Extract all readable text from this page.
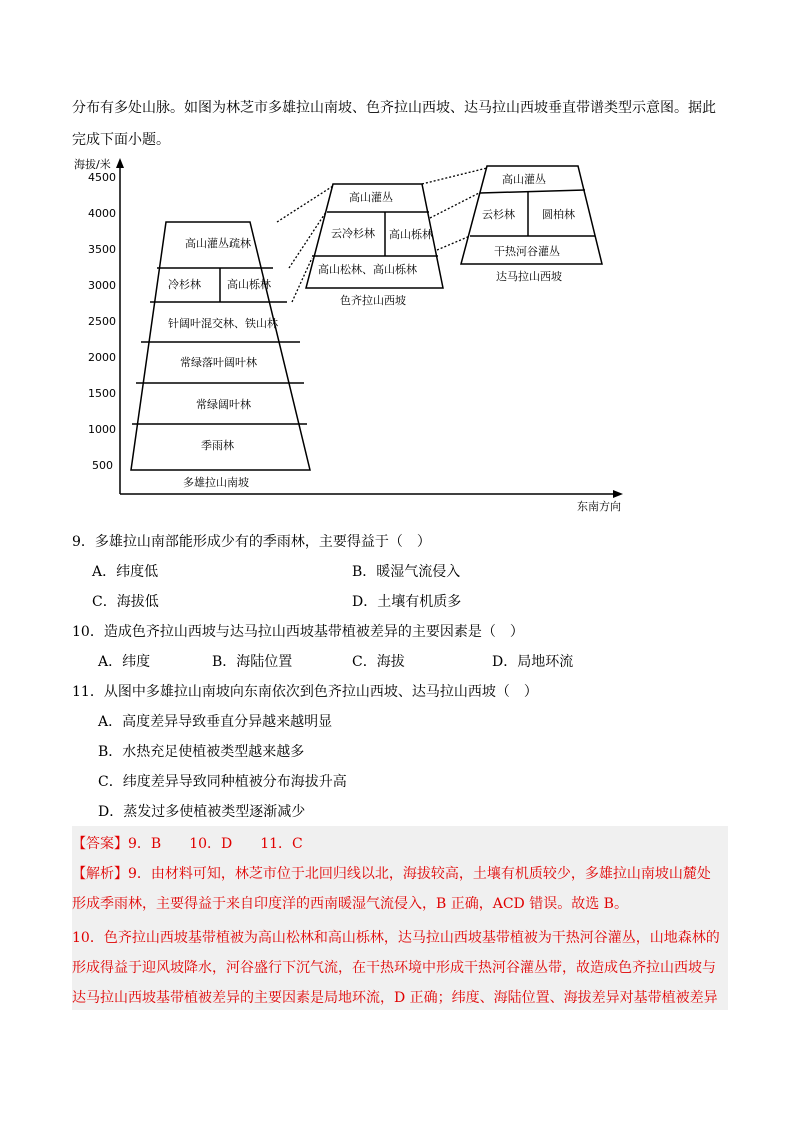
分布有多处山脉。如图为林芝市多雄拉山南坡、色齐拉山西坡、达马拉山西坡垂直带谱类型示意图。据此
完成下面小题。
海拔/米
东南方向
4500
4000
3500
3000
2500
2000
1500
1000
500
高山灌丛疏林
冷杉林 高山栎林
针阔叶混交林、铁山林
常绿落叶阔叶林
常绿阔叶林
季雨林
多雄拉山南坡
高山灌丛
云冷杉林 高山栎林
高山松林、高山栎林
色齐拉山西坡
高山灌丛
云杉林 圆柏林
干热河谷灌丛
达马拉山西坡
9．多雄拉山南部能形成少有的季雨林，主要得益于（　）
A．纬度低	B．暖湿气流侵入
C．海拔低	D．土壤有机质多
10．造成色齐拉山西坡与达马拉山西坡基带植被差异的主要因素是（　）
A．纬度	B．海陆位置	C．海拔	D．局地环流
11．从图中多雄拉山南坡向东南依次到色齐拉山西坡、达马拉山西坡（　）
A．高度差异导致垂直分异越来越明显
B．水热充足使植被类型越来越多
C．纬度差异导致同种植被分布海拔升高
D．蒸发过多使植被类型逐渐减少
【答案】9．B　　10．D　　11．C
【解析】9．由材料可知，林芝市位于北回归线以北，海拔较高，土壤有机质较少，多雄拉山南坡山麓处
形成季雨林，主要得益于来自印度洋的西南暖湿气流侵入，B 正确，ACD 错误。故选 B。
10．色齐拉山西坡基带植被为高山松林和高山栎林，达马拉山西坡基带植被为干热河谷灌丛，山地森林的
形成得益于迎风坡降水，河谷盛行下沉气流，在干热环境中形成干热河谷灌丛带，故造成色齐拉山西坡与
达马拉山西坡基带植被差异的主要因素是局地环流，D 正确；纬度、海陆位置、海拔差异对基带植被差异
